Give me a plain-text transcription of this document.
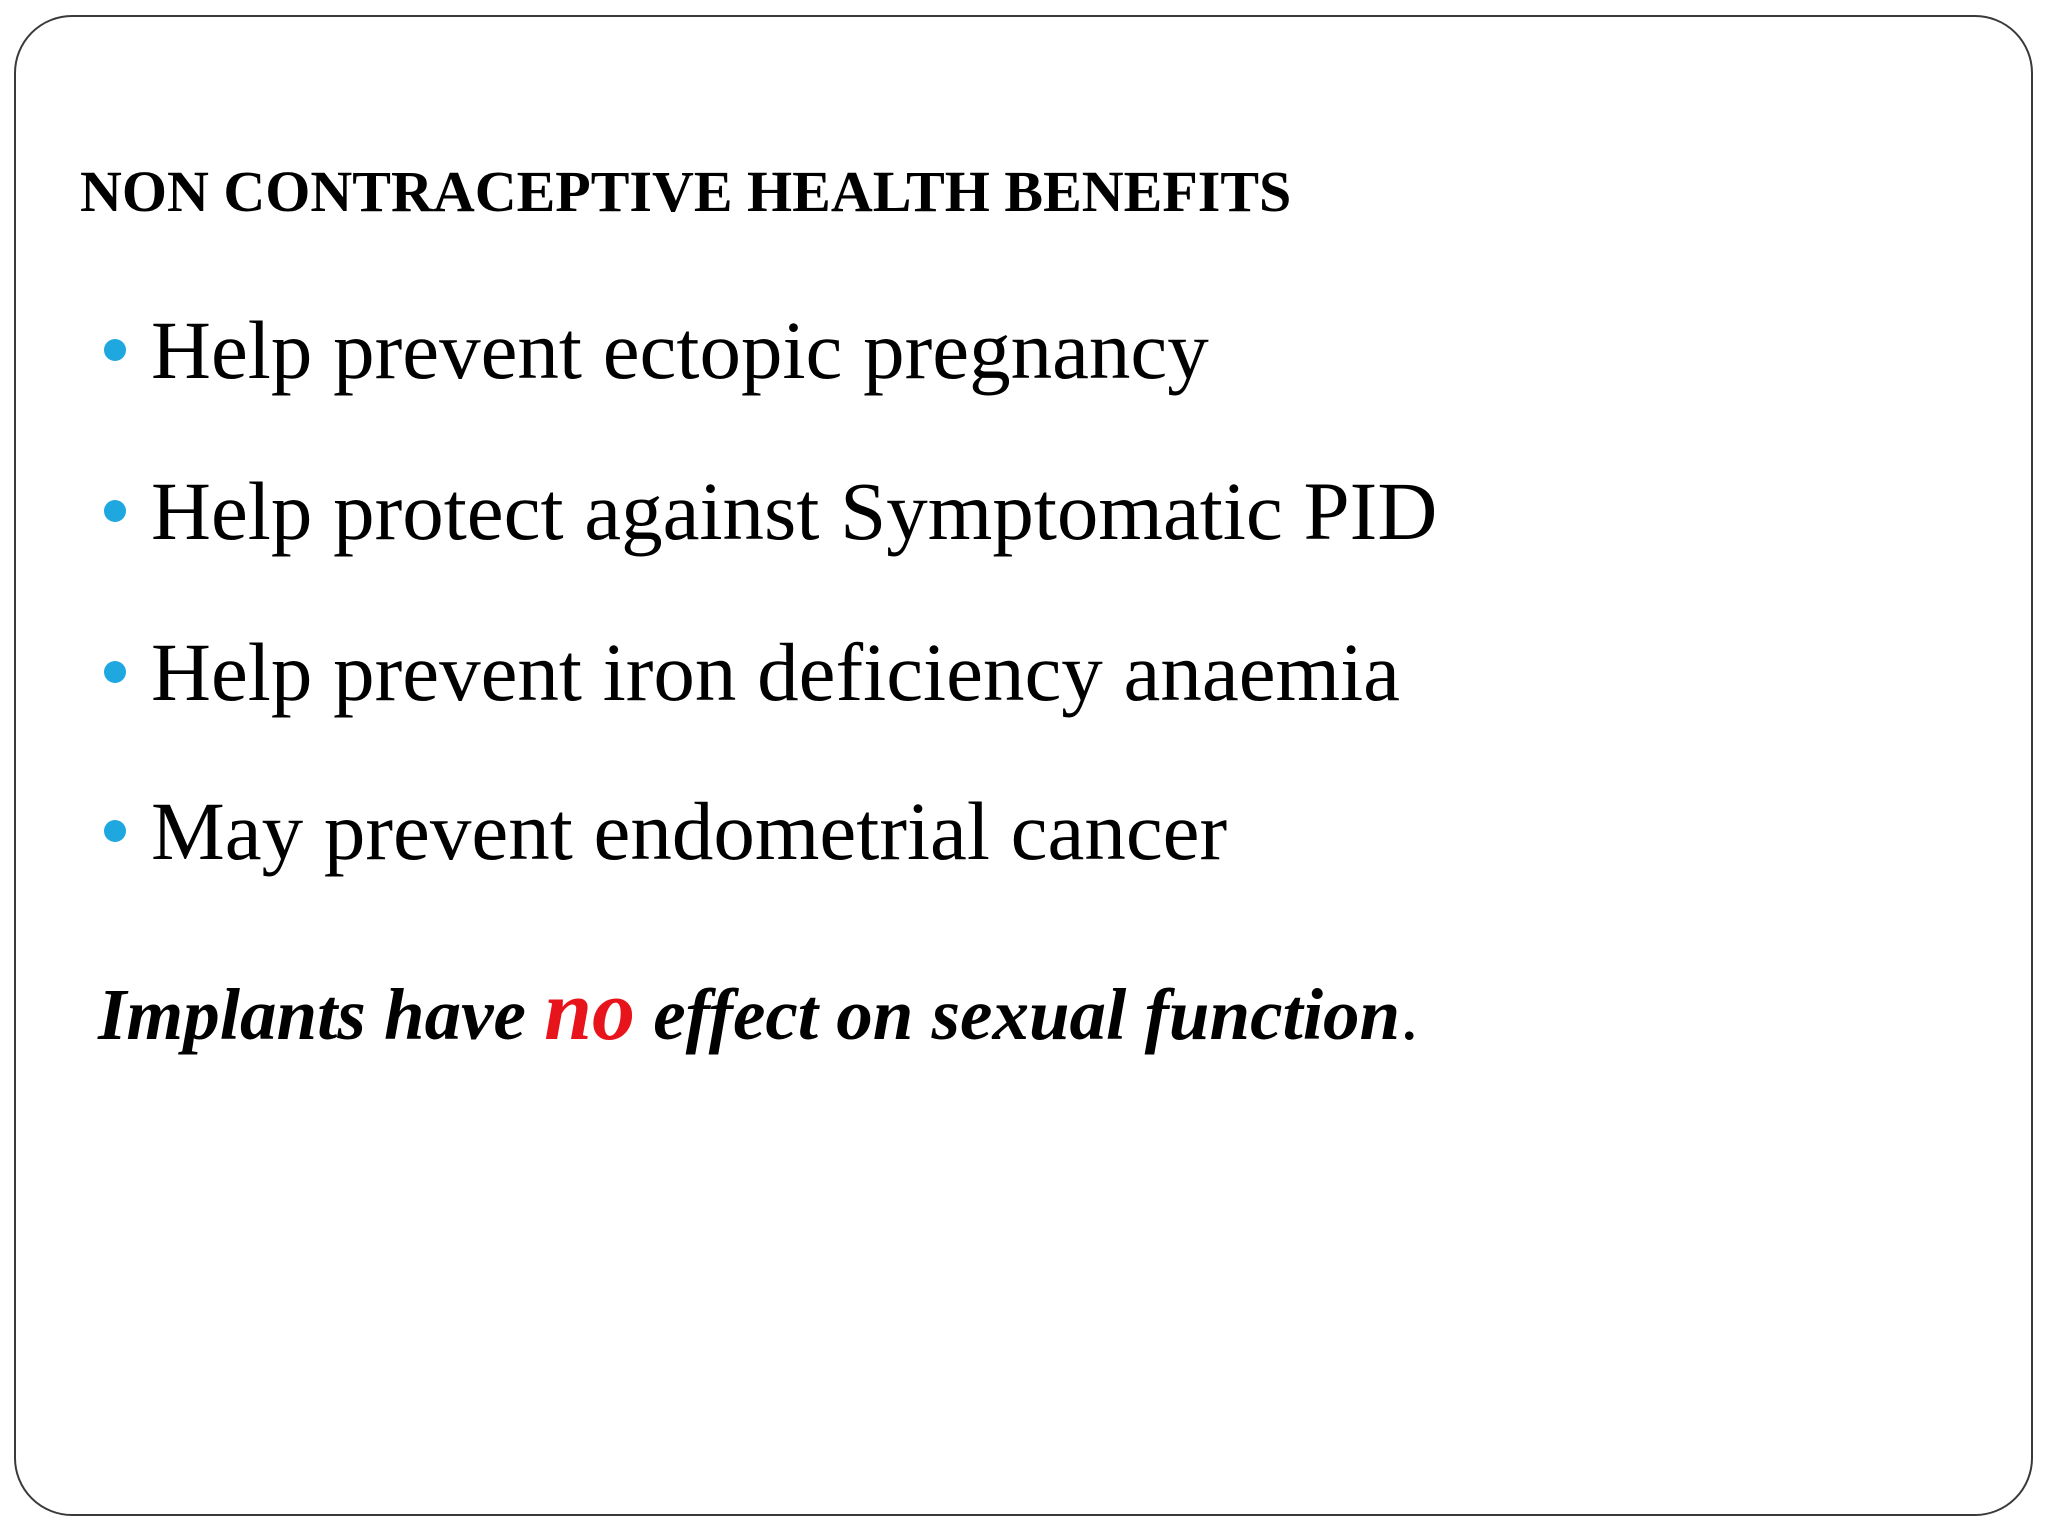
NON CONTRACEPTIVE HEALTH BENEFITS
Help prevent ectopic pregnancy
Help protect against Symptomatic PID
Help prevent iron deficiency anaemia
May prevent endometrial cancer

Implants have no effect on sexual function.
